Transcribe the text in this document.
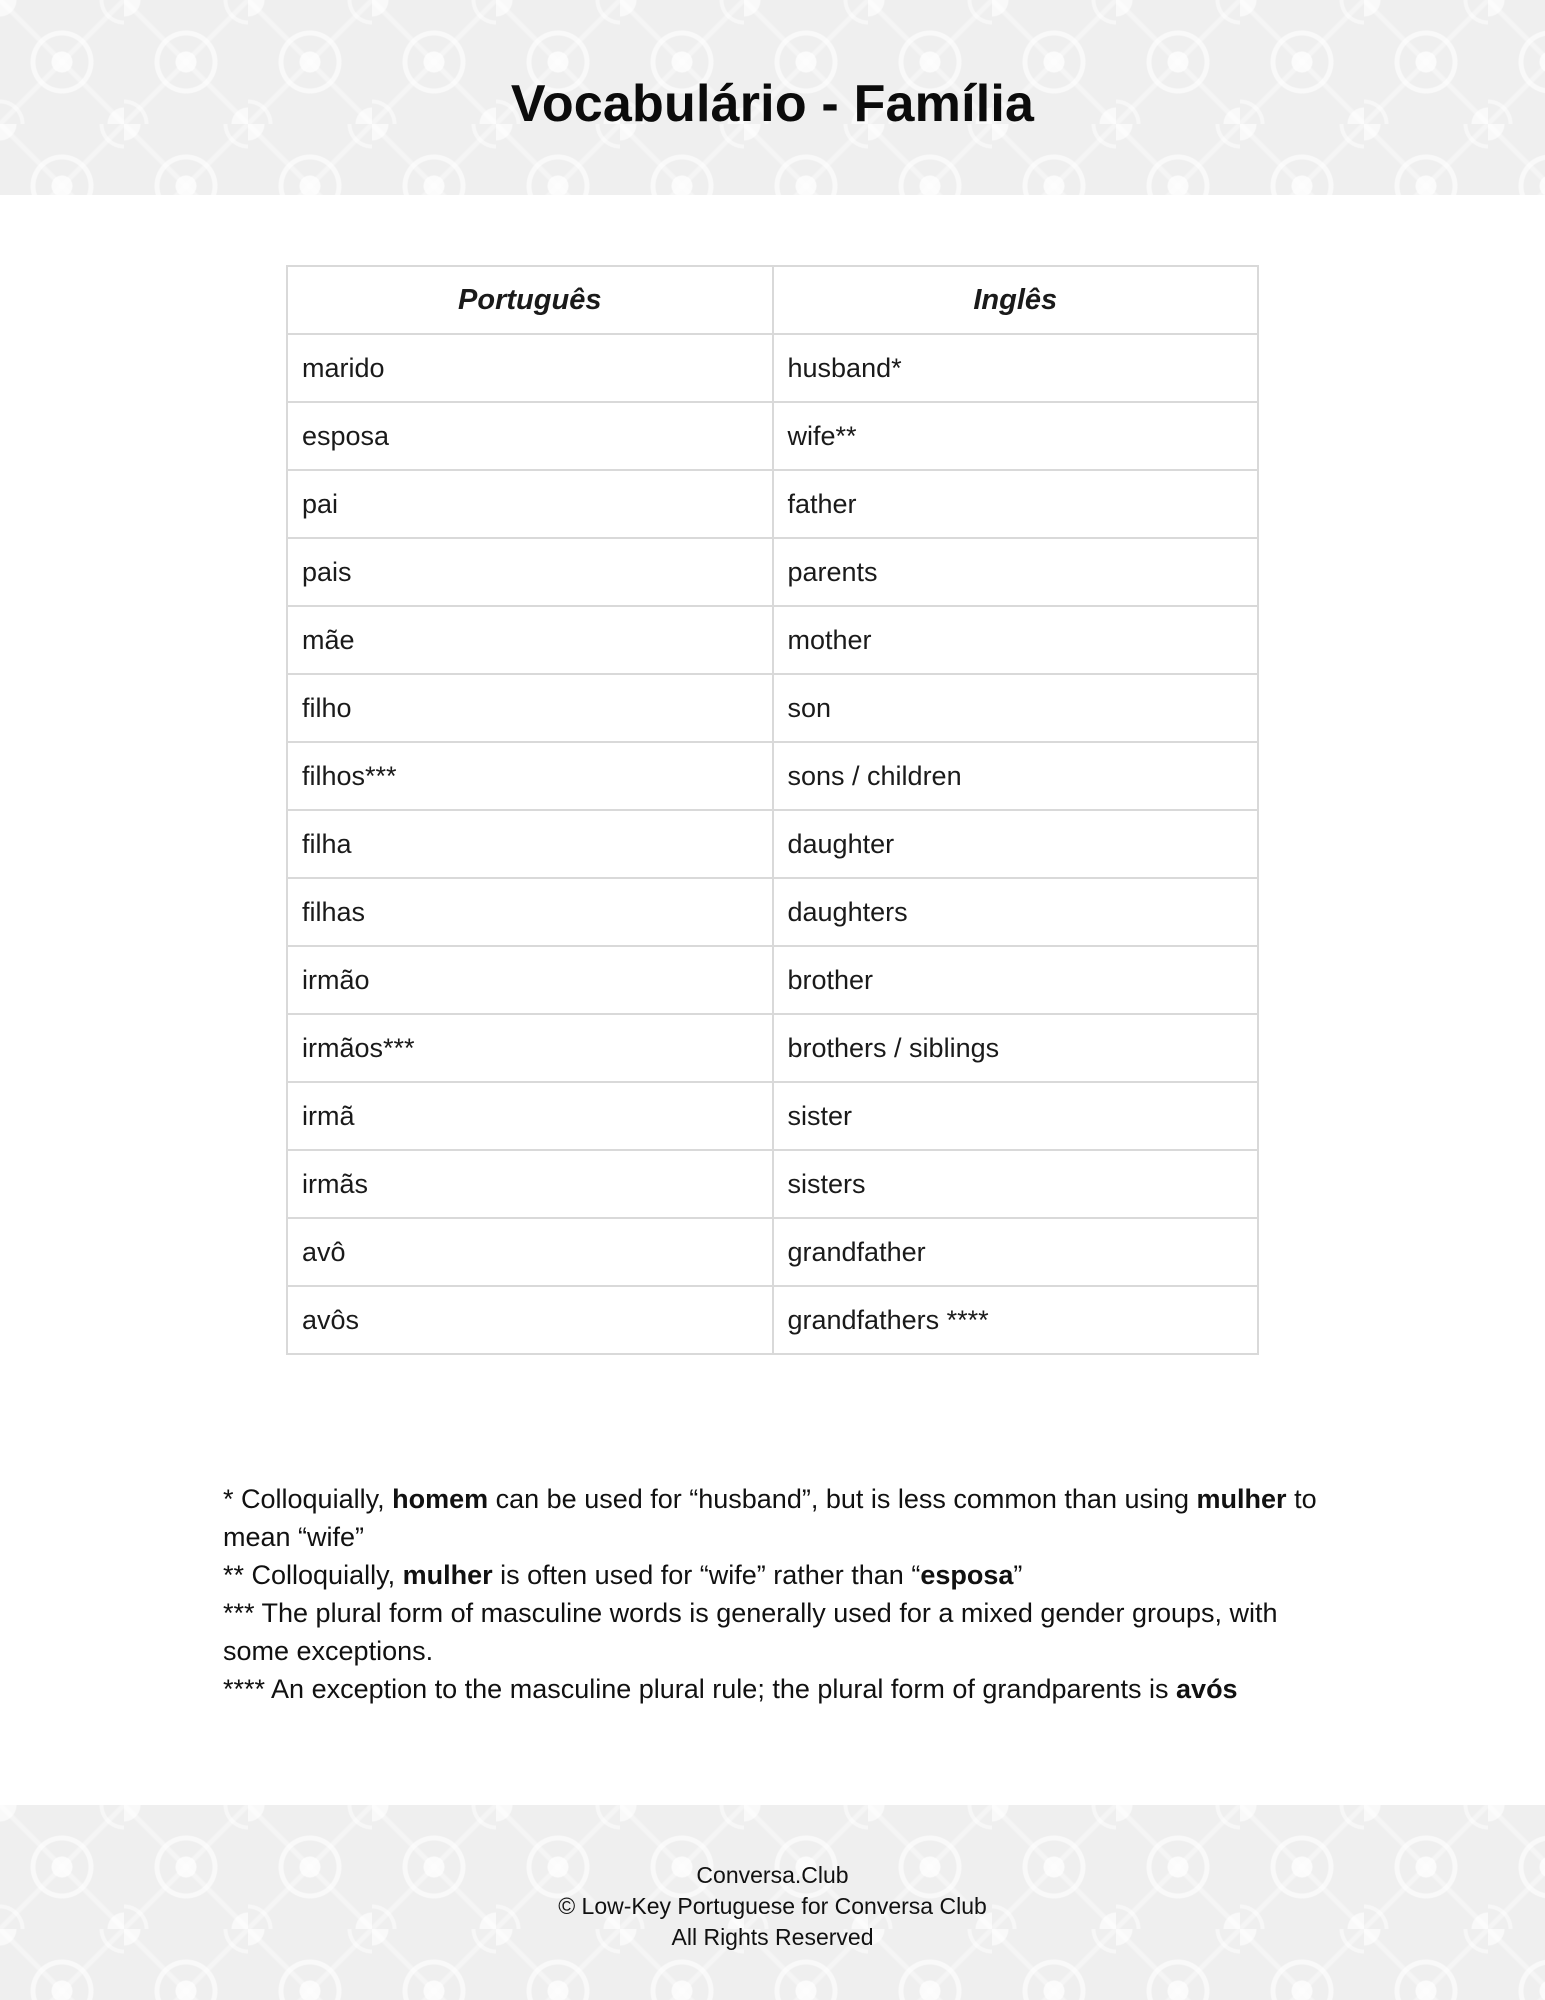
Vocabulário - Família
Português	Inglês
marido	husband*
esposa	wife**
pai	father
pais	parents
mãe	mother
filho	son
filhos***	sons / children
filha	daughter
filhas	daughters
irmão	brother
irmãos***	brothers / siblings
irmã	sister
irmãs	sisters
avô	grandfather
avôs	grandfathers ****

* Colloquially, homem can be used for “husband”, but is less common than using mulher to mean “wife”

** Colloquially, mulher is often used for “wife” rather than “esposa”

*** The plural form of masculine words is generally used for a mixed gender groups, with some exceptions.

**** An exception to the masculine plural rule; the plural form of grandparents is avós

Conversa.Club
© Low-Key Portuguese for Conversa Club
All Rights Reserved
